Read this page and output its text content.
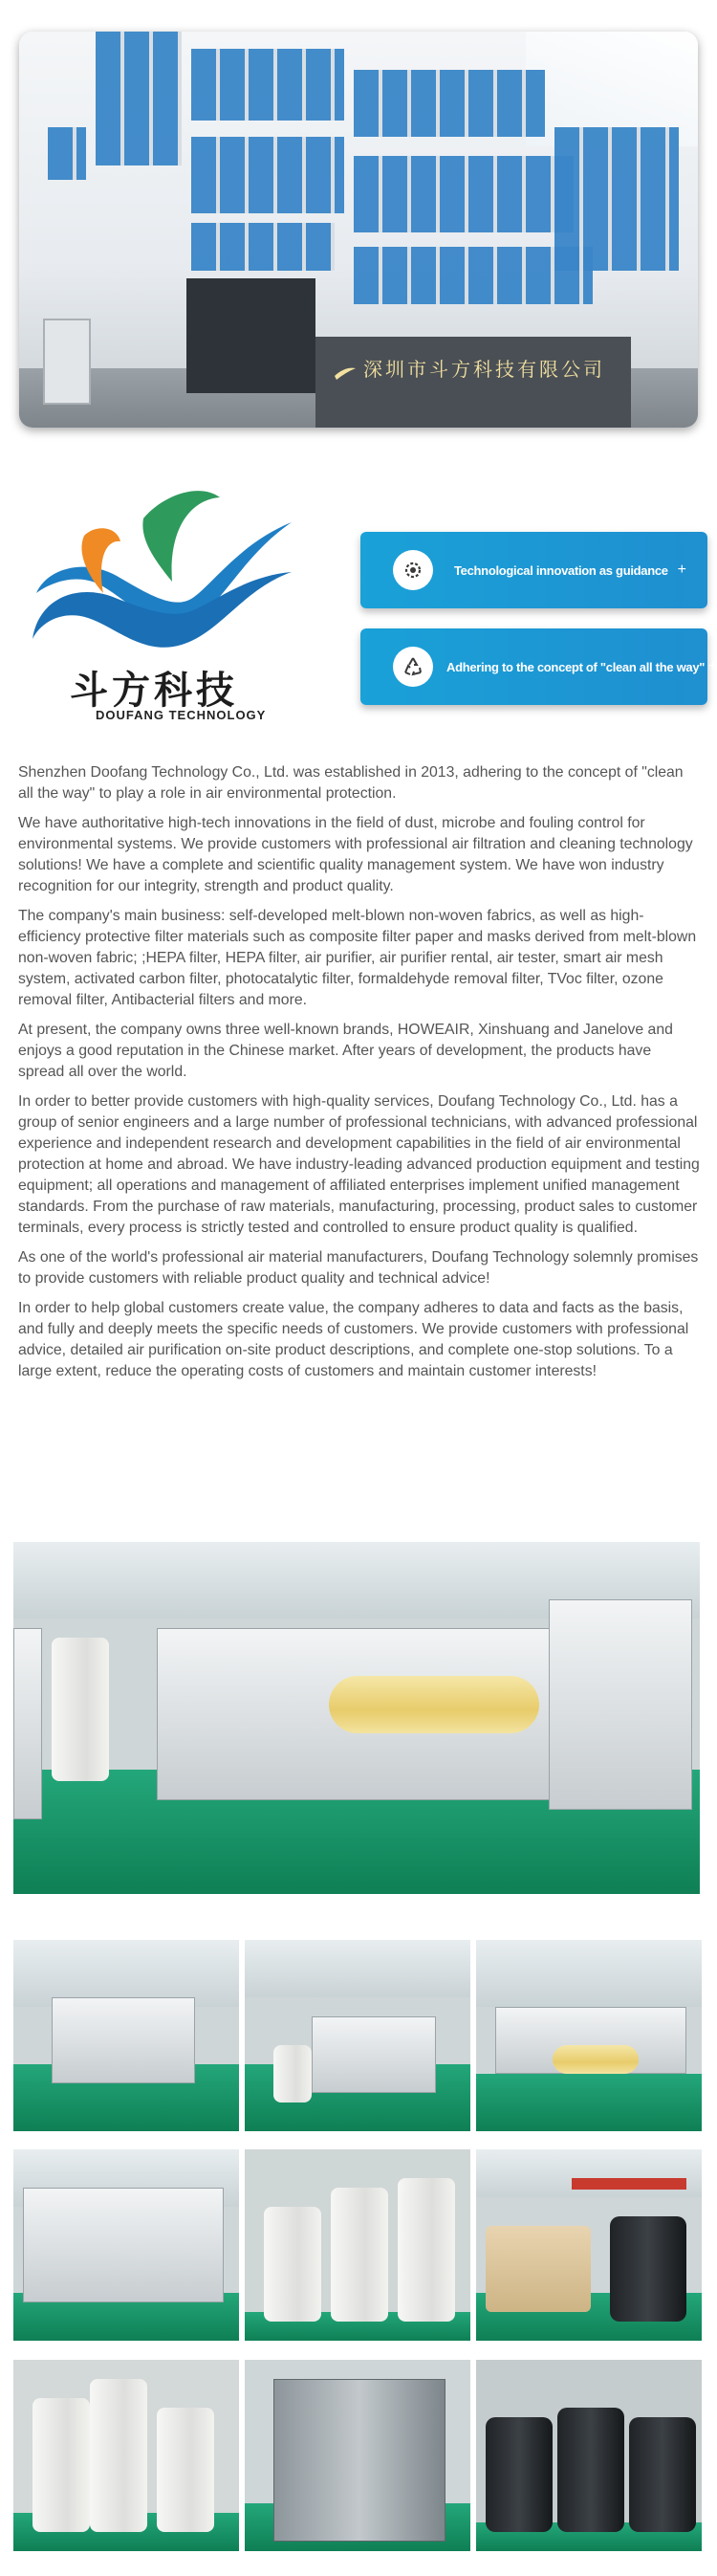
深圳市斗方科技有限公司
斗方科技
DOUFANG TECHNOLOGY
Technological innovation as guidance +
Adhering to the concept of "clean all the way" +

Shenzhen Doofang Technology Co., Ltd. was established in 2013, adhering to the concept of "clean all the way" to play a role in air environmental protection.

We have authoritative high-tech innovations in the field of dust, microbe and fouling control for environmental systems. We provide customers with professional air filtration and cleaning technology solutions! We have a complete and scientific quality management system. We have won industry recognition for our integrity, strength and product quality.

The company's main business: self-developed melt-blown non-woven fabrics, as well as high-efficiency protective filter materials such as composite filter paper and masks derived from melt-blown non-woven fabric; ;HEPA filter, HEPA filter, air purifier, air purifier rental, air tester, smart air mesh system, activated carbon filter, photocatalytic filter, formaldehyde removal filter, TVoc filter, ozone removal filter, Antibacterial filters and more.

At present, the company owns three well-known brands, HOWEAIR, Xinshuang and Janelove and enjoys a good reputation in the Chinese market. After years of development, the products have spread all over the world.

In order to better provide customers with high-quality services, Doufang Technology Co., Ltd. has a group of senior engineers and a large number of professional technicians, with advanced professional experience and independent research and development capabilities in the field of air environmental protection at home and abroad. We have industry-leading advanced production equipment and testing equipment; all operations and management of affiliated enterprises implement unified management standards. From the purchase of raw materials, manufacturing, processing, product sales to customer terminals, every process is strictly tested and controlled to ensure product quality is qualified.

As one of the world's professional air material manufacturers, Doufang Technology solemnly promises to provide customers with reliable product quality and technical advice!

In order to help global customers create value, the company adheres to data and facts as the basis, and fully and deeply meets the specific needs of customers. We provide customers with professional advice, detailed air purification on-site product descriptions, and complete one-stop solutions. To a large extent, reduce the operating costs of customers and maintain customer interests!
